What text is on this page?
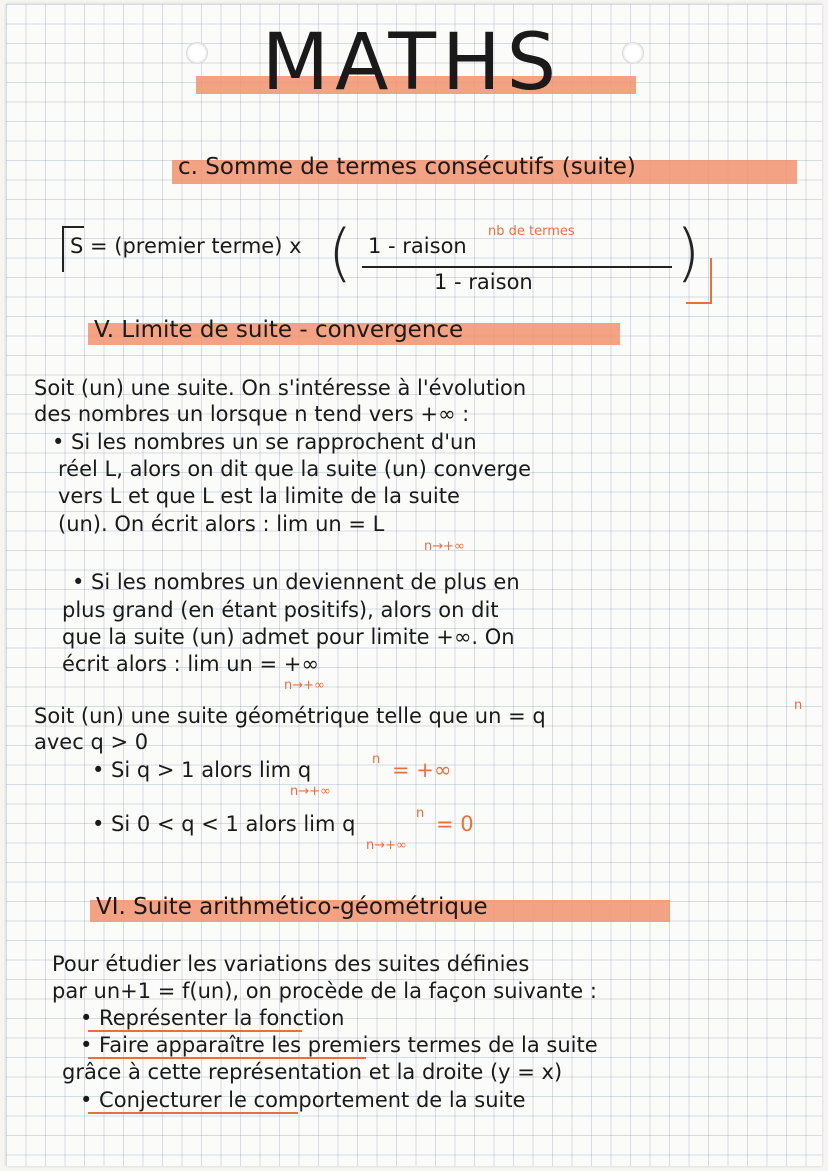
MATHS
c. Somme de termes consécutifs (suite)
S = (premier terme) x ( 1 - raison
nb de termes
1 - raison )
V. Limite de suite - convergence
Soit (un) une suite. On s'intéresse à l'évolution
des nombres un lorsque n tend vers +∞ :
• Si les nombres un se rapprochent d'un
réel L, alors on dit que la suite (un) converge
vers L et que L est la limite de la suite
(un). On écrit alors : lim un = L
n→+∞
• Si les nombres un deviennent de plus en
plus grand (en étant positifs), alors on dit
que la suite (un) admet pour limite +∞. On
écrit alors : lim un = +∞
n→+∞
Soit (un) une suite géométrique telle que un = q	n
avec q > 0
• Si q > 1 alors lim q	n = +∞
n→+∞
• Si 0 < q < 1 alors lim q	n = 0
n→+∞
VI. Suite arithmético-géométrique
Pour étudier les variations des suites définies
par un+1 = f(un), on procède de la façon suivante :
• Représenter la fonction
• Faire apparaître les premiers termes de la suite
grâce à cette représentation et la droite (y = x)
• Conjecturer le comportement de la suite
